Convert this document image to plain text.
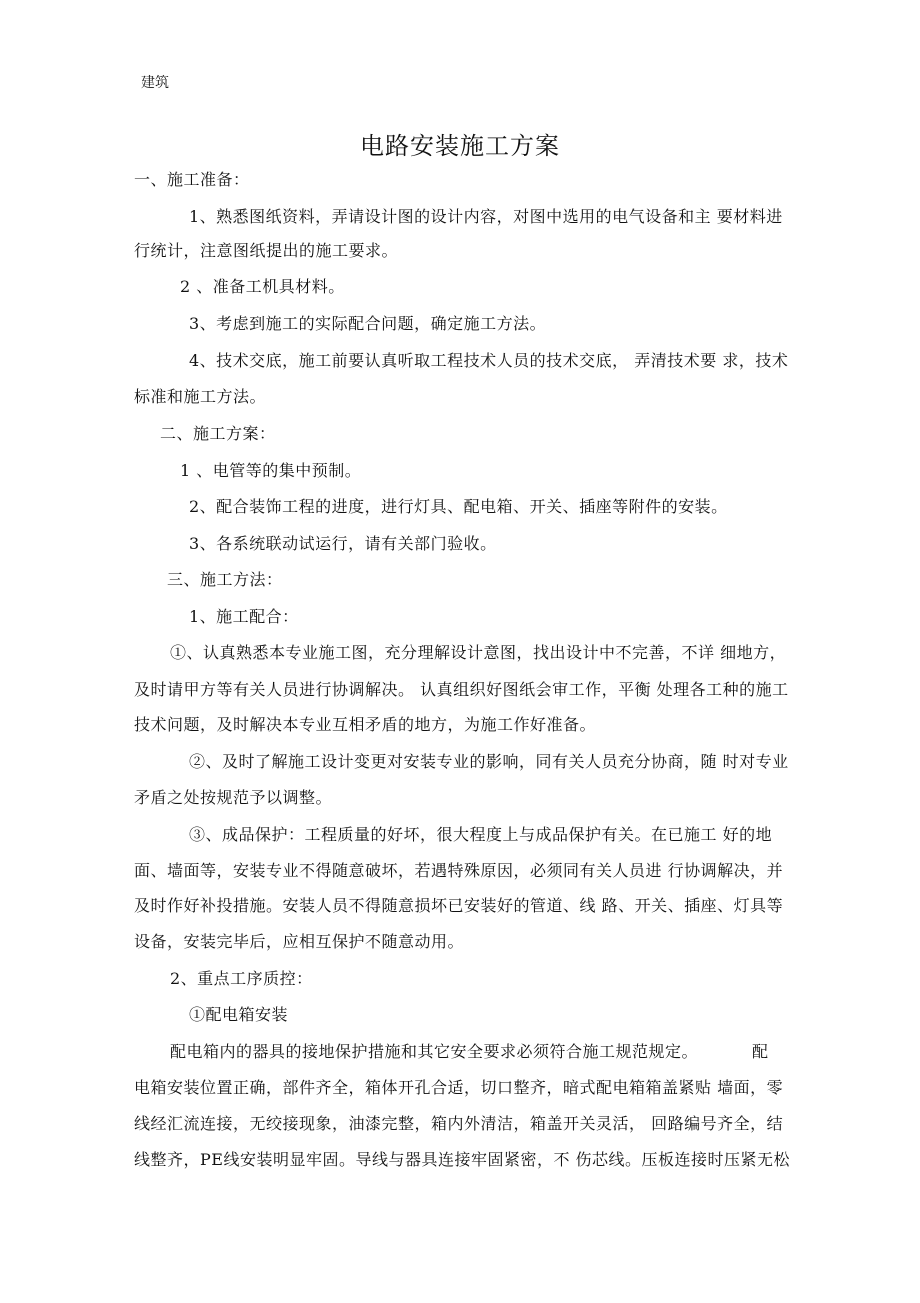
建筑
电路安装施工方案
一、施工准备：
1、熟悉图纸资料，弄请设计图的设计内容，对图中选用的电气设备和主 要材料进
行统计，注意图纸提出的施工要求。
2 、准备工机具材料。
3、考虑到施工的实际配合问题，确定施工方法。
4、技术交底，施工前要认真听取工程技术人员的技术交底， 弄清技术要 求，技术
标准和施工方法。
二、施工方案：
1 、电管等的集中预制。
2、配合装饰工程的进度，进行灯具、配电箱、开关、插座等附件的安装。
3、各系统联动试运行，请有关部门验收。
三、施工方法：
1、施工配合：
①、认真熟悉本专业施工图，充分理解设计意图，找出设计中不完善，不详 细地方，
及时请甲方等有关人员进行协调解决。 认真组织好图纸会审工作，平衡 处理各工种的施工
技术问题，及时解决本专业互相矛盾的地方，为施工作好准备。
②、及时了解施工设计变更对安装专业的影响，同有关人员充分协商，随 时对专业
矛盾之处按规范予以调整。
③、成品保护：工程质量的好坏，很大程度上与成品保护有关。在已施工 好的地
面、墙面等，安装专业不得随意破坏，若遇特殊原因，必须同有关人员进 行协调解决，并
及时作好补投措施。安装人员不得随意损坏已安装好的管道、线 路、开关、插座、灯具等
设备，安装完毕后，应相互保护不随意动用。
2、重点工序质控：
①配电箱安装
配电箱内的器具的接地保护措施和其它安全要求必须符合施工规范规定。	配
电箱安装位置正确，部件齐全，箱体开孔合适，切口整齐，暗式配电箱箱盖紧贴 墙面，零
线经汇流连接，无绞接现象，油漆完整，箱内外清洁，箱盖开关灵活， 回路编号齐全，结
线整齐，PE线安装明显牢固。导线与器具连接牢固紧密，不 伤芯线。压板连接时压紧无松
